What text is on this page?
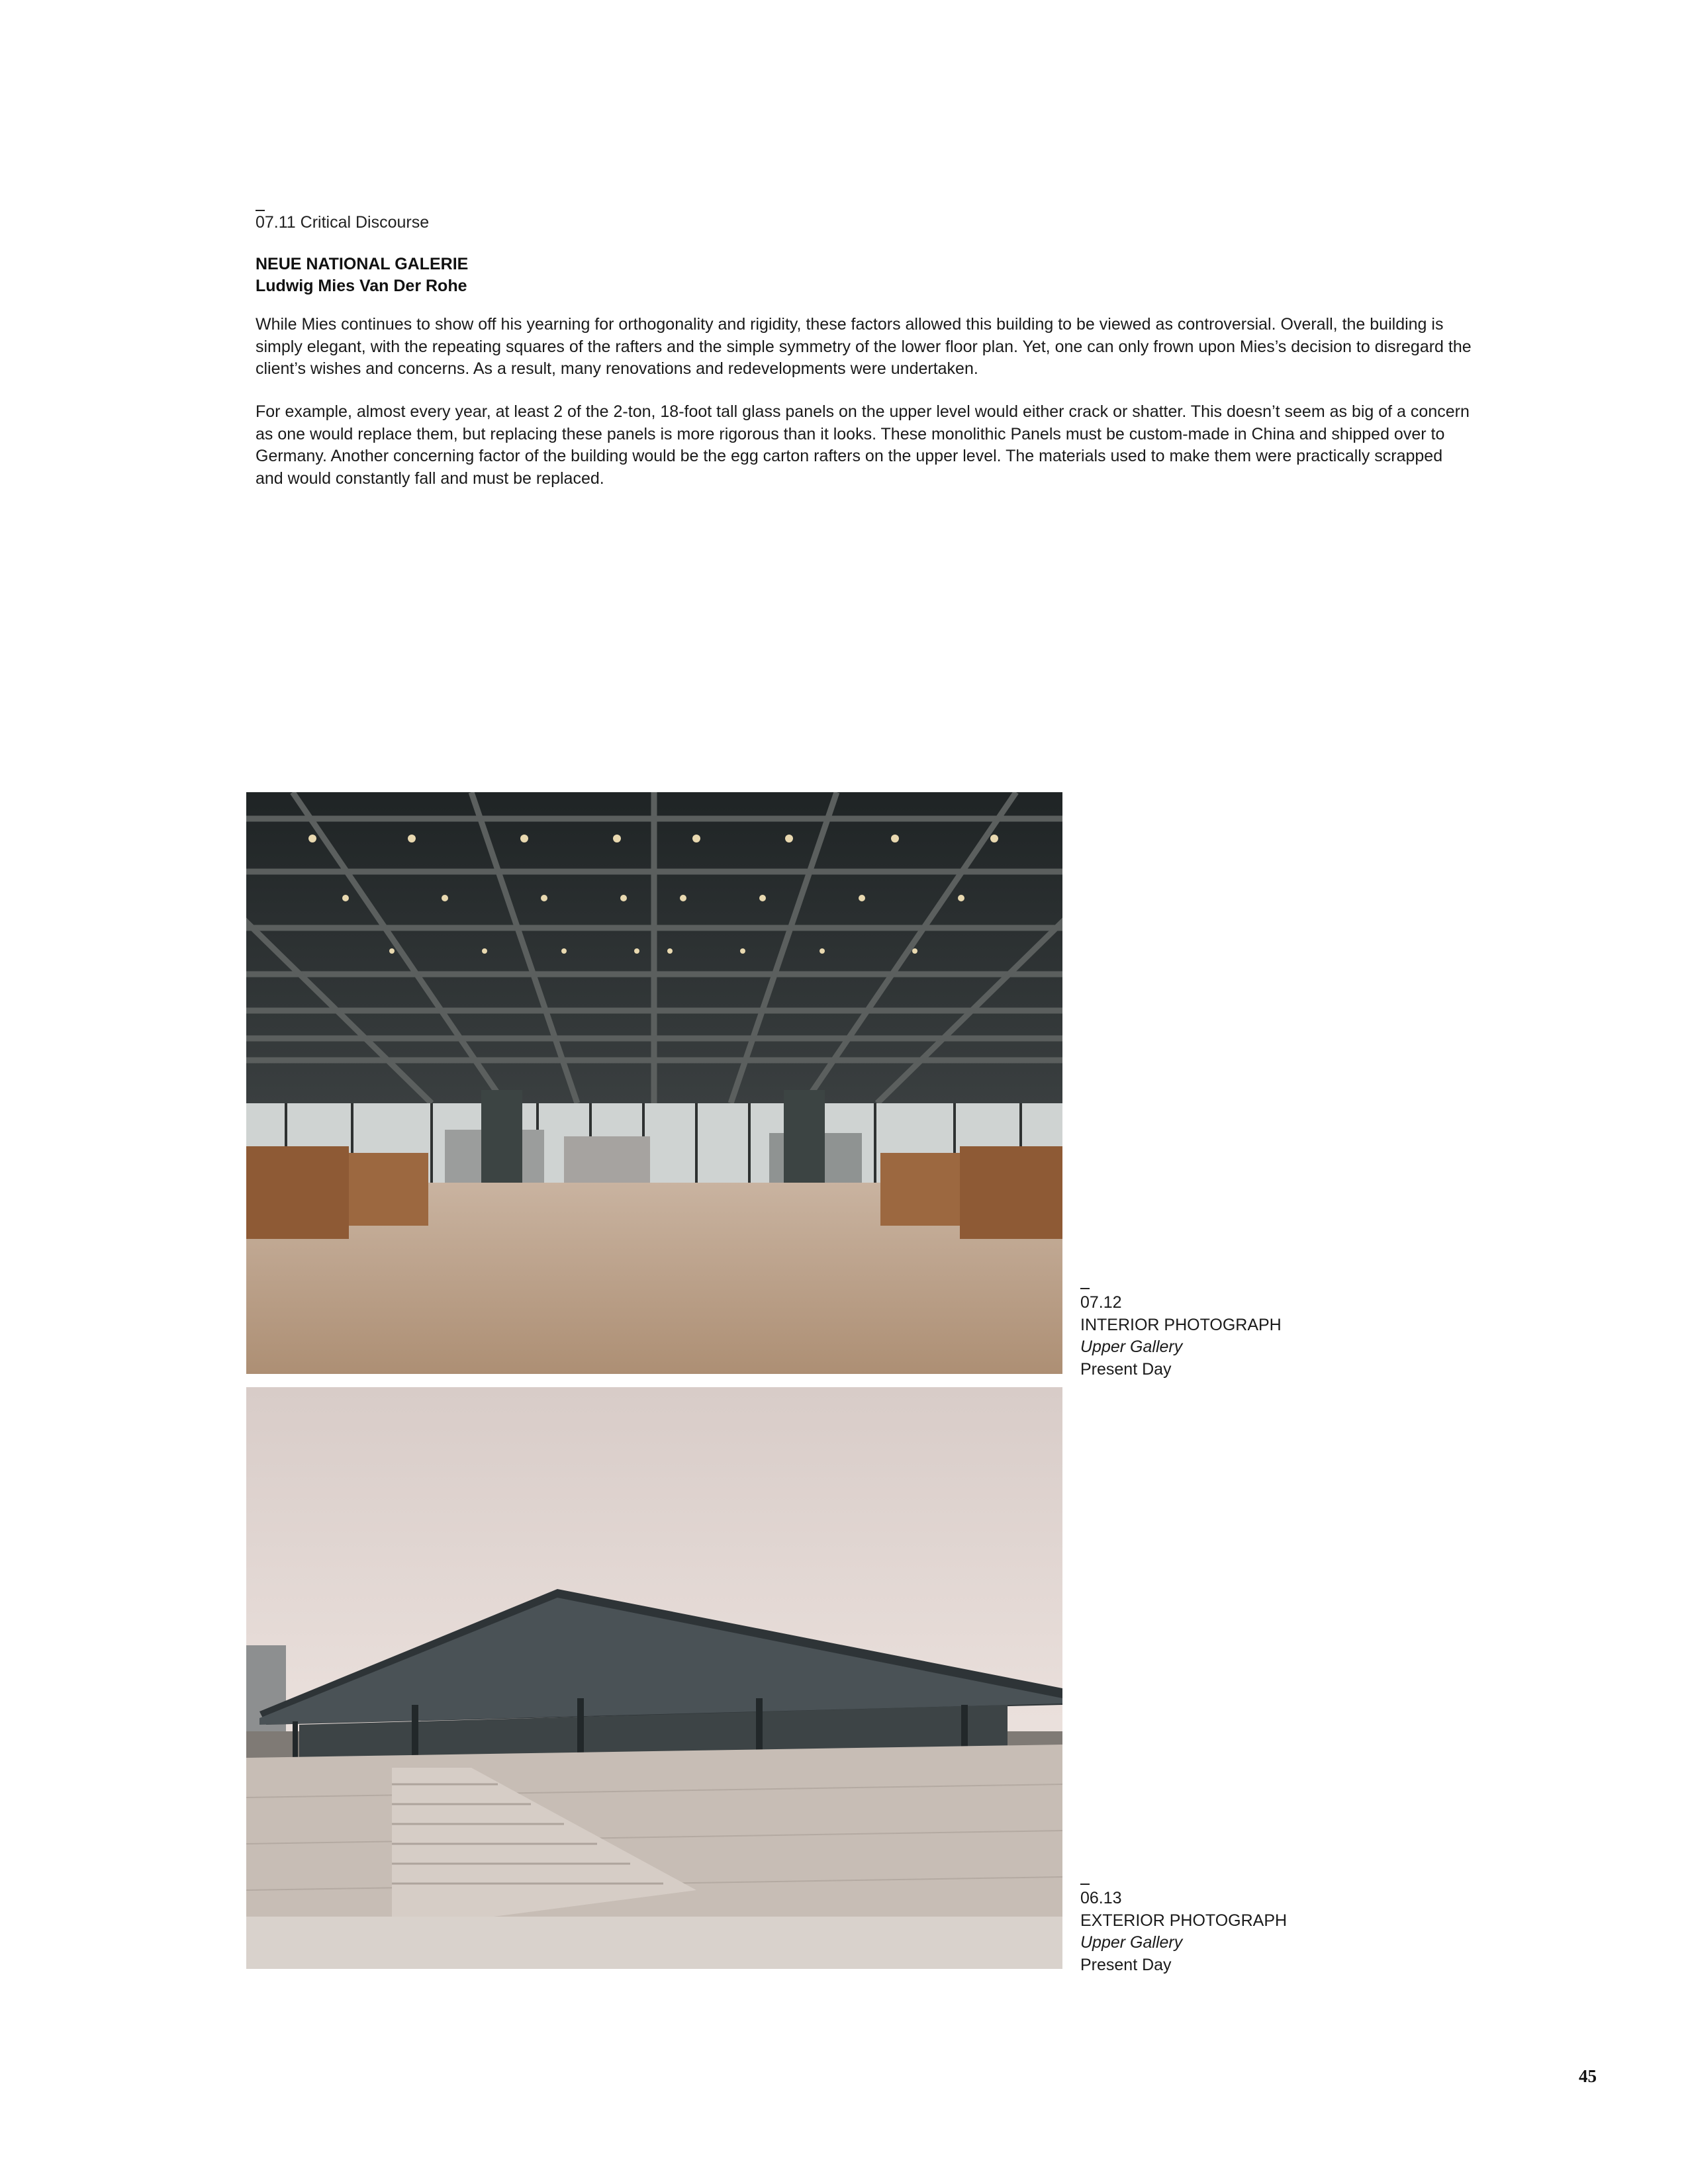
07.11 Critical Discourse
NEUE NATIONAL GALERIE
Ludwig Mies Van Der Rohe

While Mies continues to show off his yearning for orthogonality and rigidity, these factors allowed this building to be viewed as controversial. Overall, the building is simply elegant, with the repeating squares of the rafters and the simple symmetry of the lower floor plan. Yet, one can only frown upon Mies’s decision to disregard the client’s wishes and concerns. As a result, many renovations and redevelopments were undertaken.

For example, almost every year, at least 2 of the 2-ton, 18-foot tall glass panels on the upper level would either crack or shatter. This doesn’t seem as big of a concern as one would replace them, but replacing these panels is more rigorous than it looks. These monolithic Panels must be custom-made in China and shipped over to Germany. Another concerning factor of the building would be the egg carton rafters on the upper level. The materials used to make them were practically scrapped and would constantly fall and must be replaced.

07.12
INTERIOR PHOTOGRAPH
Upper Gallery
Present Day
06.13
EXTERIOR PHOTOGRAPH
Upper Gallery
Present Day
45
